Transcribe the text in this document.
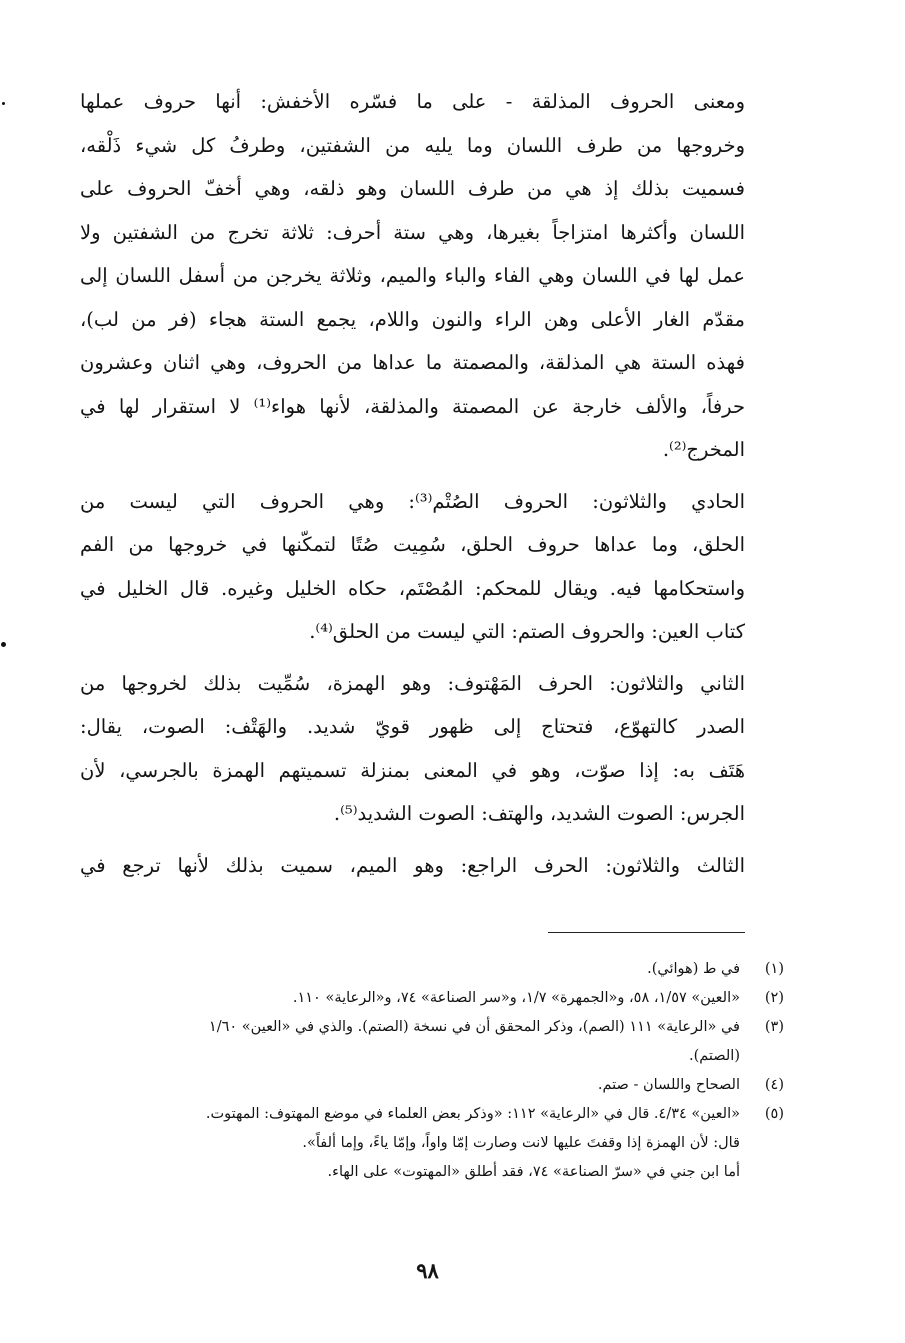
ومعنى الحروف المذلقة - على ما فسّره الأخفش: أنها حروف عملها
وخروجها من طرف اللسان وما يليه من الشفتين، وطرفُ كل شيء ذَلْقه،
فسميت بذلك إذ هي من طرف اللسان وهو ذلقه، وهي أخفّ الحروف على
اللسان وأكثرها امتزاجاً بغيرها، وهي ستة أحرف: ثلاثة تخرج من الشفتين ولا
عمل لها في اللسان وهي الفاء والباء والميم، وثلاثة يخرجن من أسفل اللسان إلى
مقدّم الغار الأعلى وهن الراء والنون واللام، يجمع الستة هجاء (فر من لب)،
فهذه الستة هي المذلقة، والمصمتة ما عداها من الحروف، وهي اثنان وعشرون
حرفاً، والألف خارجة عن المصمتة والمذلقة، لأنها هواء⁽¹⁾ لا استقرار لها في
المخرج⁽²⁾.
الحادي والثلاثون: الحروف الصُتْم⁽³⁾: وهي الحروف التي ليست من
الحلق، وما عداها حروف الحلق، سُمِيت صُتًا لتمكّنها في خروجها من الفم
واستحكامها فيه. ويقال للمحكم: المُصْتَم، حكاه الخليل وغيره. قال الخليل في
كتاب العين: والحروف الصتم: التي ليست من الحلق⁽⁴⁾.
الثاني والثلاثون: الحرف المَهْتوف: وهو الهمزة، سُمِّيت بذلك لخروجها من
الصدر كالتهوّع، فتحتاج إلى ظهور قويّ شديد. والهَتْف: الصوت، يقال:
هَتَف به: إذا صوّت، وهو في المعنى بمنزلة تسميتهم الهمزة بالجرسي، لأن
الجرس: الصوت الشديد، والهتف: الصوت الشديد⁽⁵⁾.
الثالث والثلاثون: الحرف الراجع: وهو الميم، سميت بذلك لأنها ترجع في
(١)
في ط (هوائي).
(٢)
«العين» ١/٥٧، ٥٨، و«الجمهرة» ١/٧، و«سر الصناعة» ٧٤، و«الرعاية» ١١٠.
(٣)
في «الرعاية» ١١١ (الصم)، وذكر المحقق أن في نسخة (الصتم). والذي في «العين» ١/٦٠
(الصتم).
(٤)
الصحاح واللسان - صتم.
(٥)
«العين» ٤/٣٤. قال في «الرعاية» ١١٢: «وذكر بعض العلماء في موضع المهتوف: المهتوت.
قال: لأن الهمزة إذا وقفتَ عليها لانت وصارت إمّا واواً، وإمّا ياءً، وإما ألفاً».
أما ابن جني في «سرّ الصناعة» ٧٤، فقد أطلق «المهتوت» على الهاء.
٩٨
